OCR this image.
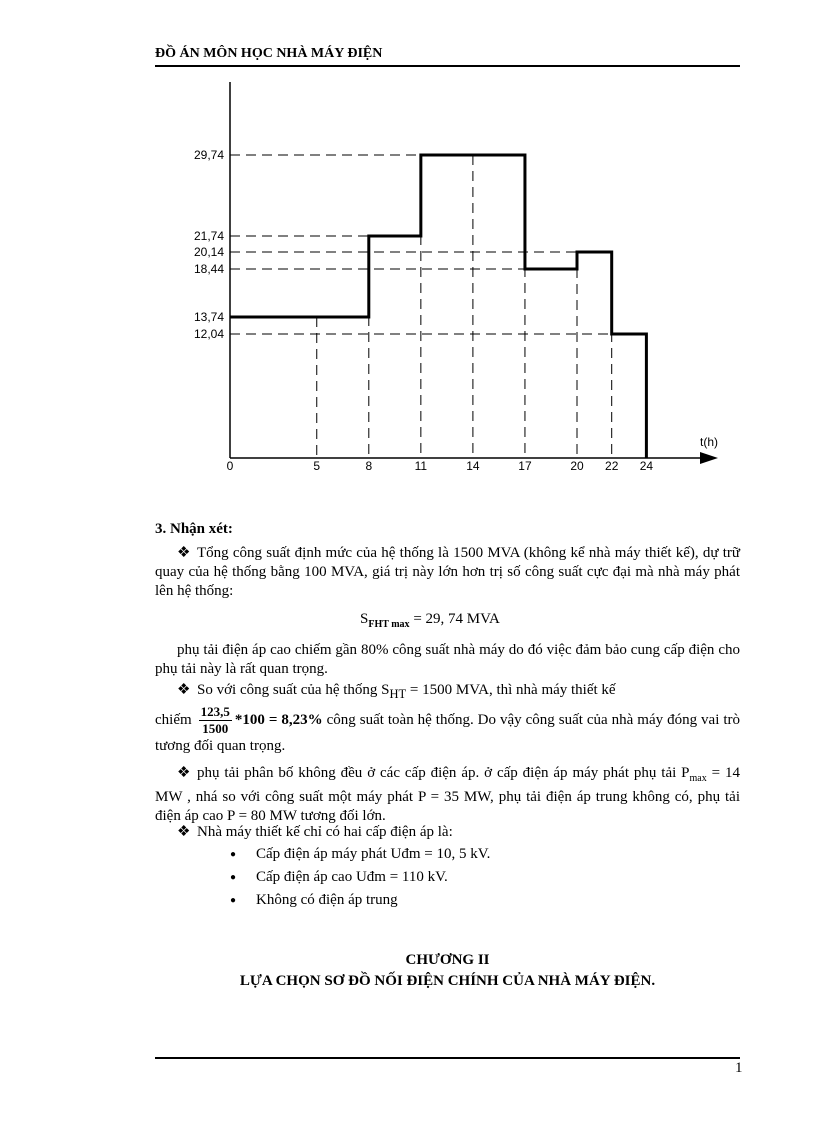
ĐỒ ÁN MÔN HỌC NHÀ MÁY ĐIỆN
t(h)
29,74
21,74
20,14
18,44
13,74
12,04
0	5	8	11	14	17	20 22 24
3. Nhận xét:
❖ Tổng công suất định mức của hệ thống là 1500 MVA (không kể nhà máy thiết kế), dự trữ quay của hệ thống bằng 100 MVA, giá trị này lớn hơn trị số công suất cực đại mà nhà máy phát lên hệ thống:
$S_{FHT max} = 29$, 74 MVA
phụ tải điện áp cao chiếm gần 80% công suất nhà máy do đó việc đảm bảo cung cấp điện cho phụ tải này là rất quan trọng.
❖ So với công suất của hệ thống $S_{HT} = 1500$ MVA, thì nhà máy thiết kế
chiếm $\frac{123,5}{1500} *100 = 8,23\%$ công suất toàn hệ thống. Do vậy công suất của nhà máy đóng vai trò tương đối quan trọng.
❖ phụ tải phân bố không đều ở các cấp điện áp. ở cấp điện áp máy phát phụ tải $P_{max} = 14$ MW , nhá so với công suất một máy phát P = 35 MW, phụ tải điện áp trung không có, phụ tải điện áp cao P = 80 MW tương đối lớn.
❖ Nhà máy thiết kế chỉ có hai cấp điện áp là:
● Cấp điện áp máy phát Uđm = 10, 5 kV.
● Cấp điện áp cao Uđm = 110 kV.
● Không có điện áp trung
CHƯƠNG II
LỰA CHỌN SƠ ĐỒ NỐI ĐIỆN CHÍNH CỦA NHÀ MÁY ĐIỆN.
1
